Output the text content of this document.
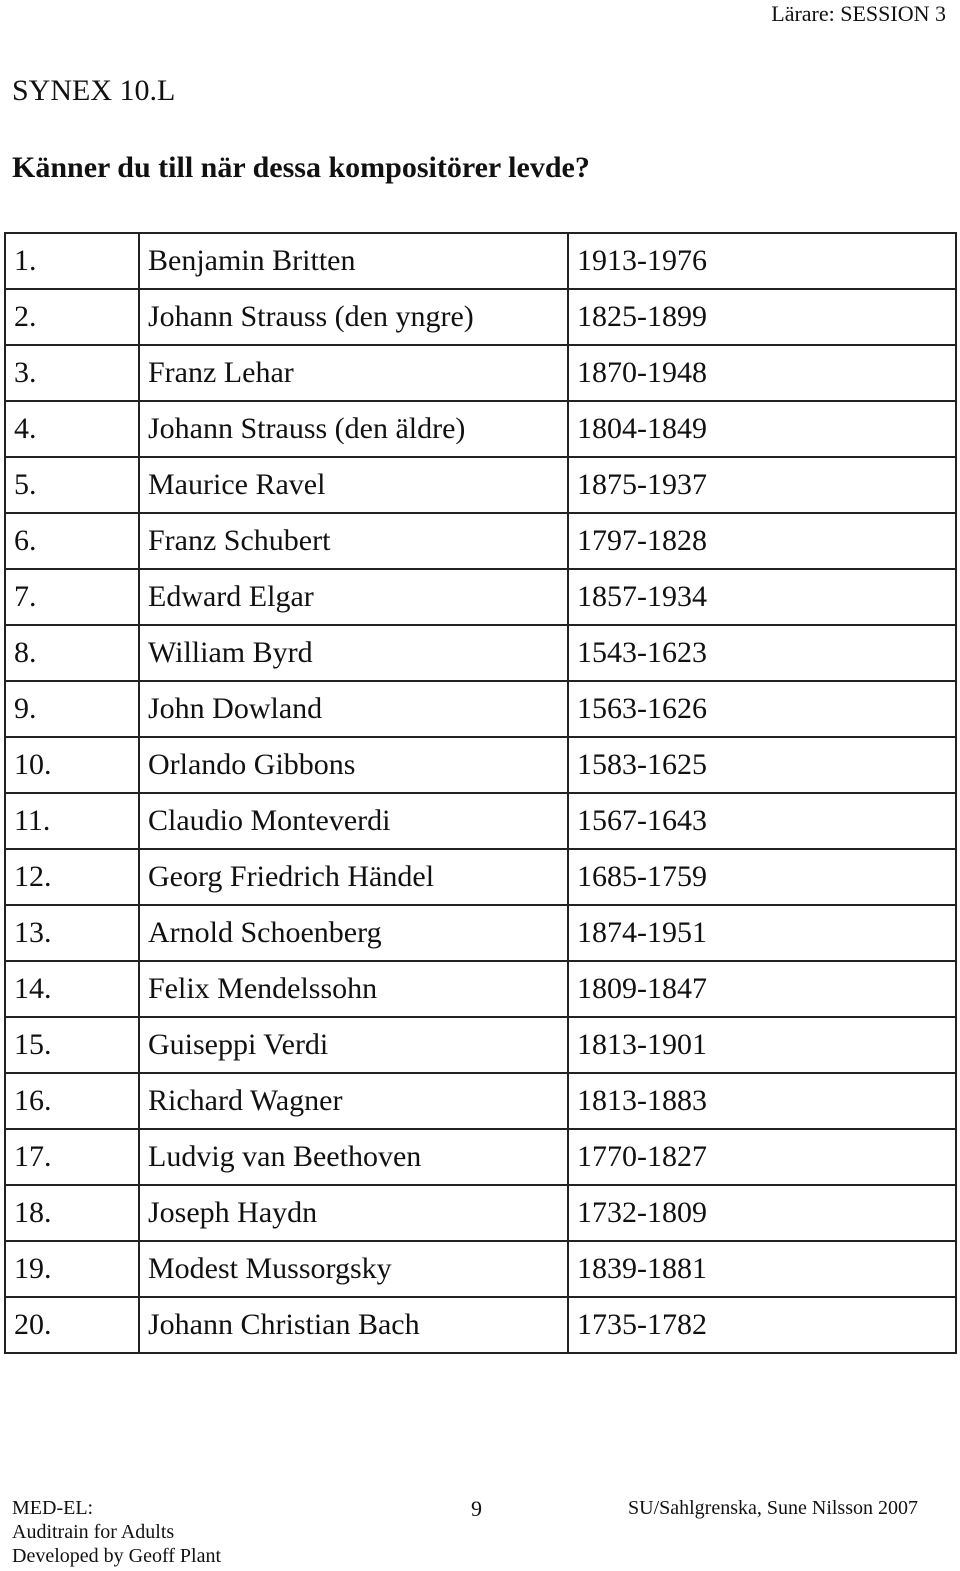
Lärare: SESSION 3
SYNEX 10.L
Känner du till när dessa kompositörer levde?
1.	Benjamin Britten	1913-1976
2.	Johann Strauss (den yngre)	1825-1899
3.	Franz Lehar	1870-1948
4.	Johann Strauss (den äldre)	1804-1849
5.	Maurice Ravel	1875-1937
6.	Franz Schubert	1797-1828
7.	Edward Elgar	1857-1934
8.	William Byrd	1543-1623
9.	John Dowland	1563-1626
10.	Orlando Gibbons	1583-1625
11.	Claudio Monteverdi	1567-1643
12.	Georg Friedrich Händel	1685-1759
13.	Arnold Schoenberg	1874-1951
14.	Felix Mendelssohn	1809-1847
15.	Guiseppi Verdi	1813-1901
16.	Richard Wagner	1813-1883
17.	Ludvig van Beethoven	1770-1827
18.	Joseph Haydn	1732-1809
19.	Modest Mussorgsky	1839-1881
20.	Johann Christian Bach	1735-1782
MED-EL:
Auditrain for Adults
Developed by Geoff Plant
9	SU/Sahlgrenska, Sune Nilsson 2007
